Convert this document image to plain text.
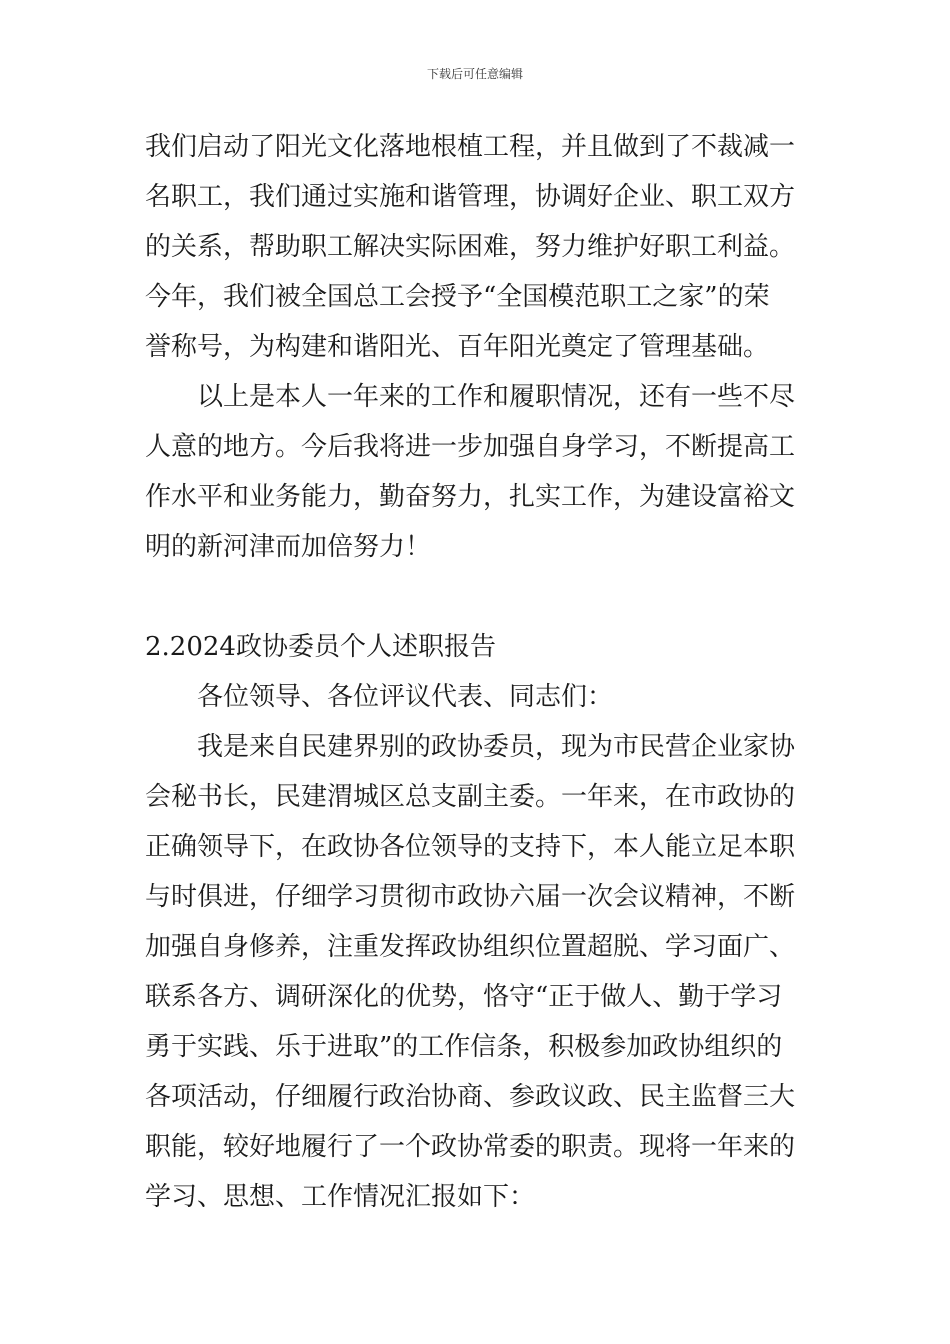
下载后可任意编辑
我们启动了阳光文化落地根植工程，并且做到了不裁减一
名职工，我们通过实施和谐管理，协调好企业、职工双方
的关系，帮助职工解决实际困难，努力维护好职工利益。
今年，我们被全国总工会授予“全国模范职工之家”的荣
誉称号，为构建和谐阳光、百年阳光奠定了管理基础。
以上是本人一年来的工作和履职情况，还有一些不尽
人意的地方。今后我将进一步加强自身学习，不断提高工
作水平和业务能力，勤奋努力，扎实工作，为建设富裕文
明的新河津而加倍努力！
2.2024政协委员个人述职报告
各位领导、各位评议代表、同志们：
我是来自民建界别的政协委员，现为市民营企业家协
会秘书长，民建渭城区总支副主委。一年来，在市政协的
正确领导下，在政协各位领导的支持下，本人能立足本职
与时俱进，仔细学习贯彻市政协六届一次会议精神，不断
加强自身修养，注重发挥政协组织位置超脱、学习面广、
联系各方、调研深化的优势，恪守“正于做人、勤于学习
勇于实践、乐于进取”的工作信条，积极参加政协组织的
各项活动，仔细履行政治协商、参政议政、民主监督三大
职能，较好地履行了一个政协常委的职责。现将一年来的
学习、思想、工作情况汇报如下：
